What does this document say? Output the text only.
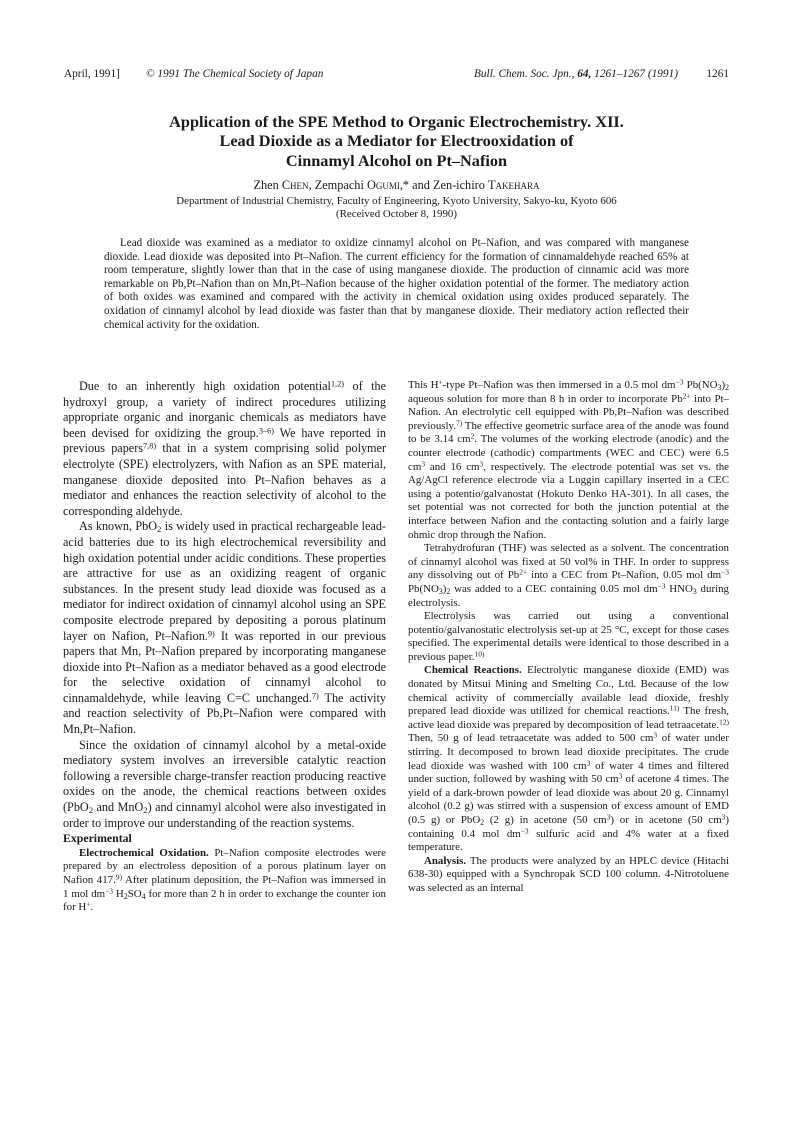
April, 1991] © 1991 The Chemical Society of Japan	Bull. Chem. Soc. Jpn., 64, 1261–1267 (1991)	1261
Application of the SPE Method to Organic Electrochemistry. XII.
Lead Dioxide as a Mediator for Electrooxidation of
Cinnamyl Alcohol on Pt–Nafion
Zhen Chen, Zempachi Ogumi,* and Zen-ichiro Takehara
Department of Industrial Chemistry, Faculty of Engineering, Kyoto University, Sakyo-ku, Kyoto 606
(Received October 8, 1990)
Lead dioxide was examined as a mediator to oxidize cinnamyl alcohol on Pt–Nafion, and was compared with manganese dioxide. Lead dioxide was deposited into Pt–Nafion. The current efficiency for the formation of cinnamaldehyde reached 65% at room temperature, slightly lower than that in the case of using manganese dioxide. The production of cinnamic acid was more remarkable on Pb,Pt–Nafion than on Mn,Pt–Nafion because of the higher oxidation potential of the former. The mediatory action of both oxides was examined and compared with the activity in chemical oxidation using oxides produced separately. The oxidation of cinnamyl alcohol by lead dioxide was faster than that by manganese dioxide. Their mediatory action reflected their chemical activity for the oxidation.

Due to an inherently high oxidation potential$^{1,2)}$ of the hydroxyl group, a variety of indirect procedures utilizing appropriate organic and inorganic chemicals as mediators have been devised for oxidizing the group.$^{3-6)}$ We have reported in previous papers$^{7,8)}$ that in a system comprising solid polymer electrolyte (SPE) electrolyzers, with Nafion as an SPE material, manganese dioxide deposited into Pt–Nafion behaves as a mediator and enhances the reaction selectivity of alcohol to the corresponding aldehyde.

As known, PbO$_2$ is widely used in practical rechargeable lead-acid batteries due to its high electrochemical reversibility and high oxidation potential under acidic conditions. These properties are attractive for use as an oxidizing reagent of organic substances. In the present study lead dioxide was focused as a mediator for indirect oxidation of cinnamyl alcohol using an SPE composite electrode prepared by depositing a porous platinum layer on Nafion, Pt–Nafion.$^{9)}$ It was reported in our previous papers that Mn, Pt–Nafion prepared by incorporating manganese dioxide into Pt–Nafion as a mediator behaved as a good electrode for the selective oxidation of cinnamyl alcohol to cinnamaldehyde, while leaving C=C unchanged.$^{7)}$ The activity and reaction selectivity of Pb,Pt–Nafion were compared with Mn,Pt–Nafion.

Since the oxidation of cinnamyl alcohol by a metal-oxide mediatory system involves an irreversible catalytic reaction following a reversible charge-transfer reaction producing reactive oxides on the anode, the chemical reactions between oxides (PbO$_2$ and MnO$_2$) and cinnamyl alcohol were also investigated in order to improve our understanding of the reaction systems.

Experimental

Electrochemical Oxidation. Pt–Nafion composite electrodes were prepared by an electroless deposition of a porous platinum layer on Nafion 417.$^{9)}$ After platinum deposition, the Pt–Nafion was immersed in 1 mol $dm^{-3}$ $H_2SO_4$ for more than 2 h in order to exchange the counter ion for H+.

This H+-type Pt–Nafion was then immersed in a 0.5 mol $dm^{-3}$ $Pb(NO_3)_2$ aqueous solution for more than 8 h in order to incorporate $Pb^{2+}$ into Pt–Nafion. An electrolytic cell equipped with Pb,Pt–Nafion was described previously.$^{7)}$ The effective geometric surface area of the anode was found to be 3.14 $cm^2$. The volumes of the working electrode (anodic) and the counter electrode (cathodic) compartments (WEC and CEC) were 6.5 $cm^3$ and 16 $cm^3$, respectively. The electrode potential was set vs. the Ag/AgCl reference electrode via a Luggin capillary inserted in a CEC using a potentio/galvanostat (Hokuto Denko HA-301). In all cases, the set potential was not corrected for both the junction potential at the interface between Nafion and the contacting solution and a fairly large ohmic drop through the Nafion.

Tetrahydrofuran (THF) was selected as a solvent. The concentration of cinnamyl alcohol was fixed at 50 vol% in THF. In order to suppress any dissolving out of $Pb^{2+}$ into a CEC from Pt–Nafion, 0.05 mol $dm^{-3}$ $Pb(NO_3)_2$ was added to a CEC containing 0.05 mol $dm^{-3}$ $HNO_3$ during electrolysis.

Electrolysis was carried out using a conventional potentio/galvanostatic electrolysis set-up at 25 °C, except for those cases specified. The experimental details were identical to those described in a previous paper.$^{10)}$

Chemical Reactions. Electrolytic manganese dioxide (EMD) was donated by Mitsui Mining and Smelting Co., Ltd. Because of the low chemical activity of commercially available lead dioxide, freshly prepared lead dioxide was utilized for chemical reactions.$^{11)}$ The fresh, active lead dioxide was prepared by decomposition of lead tetraacetate.$^{12)}$ Then, 50 g of lead tetraacetate was added to 500 $cm^3$ of water under stirring. It decomposed to brown lead dioxide precipitates. The crude lead dioxide was washed with 100 $cm^3$ of water 4 times and filtered under suction, followed by washing with 50 $cm^3$ of acetone 4 times. The yield of a dark-brown powder of lead dioxide was about 20 g. Cinnamyl alcohol (0.2 g) was stirred with a suspension of excess amount of EMD (0.5 g) or PbO$_2$ (2 g) in acetone (50 $cm^3$) or in acetone (50 $cm^3$) containing 0.4 mol $dm^{-3}$ sulfuric acid and 4% water at a fixed temperature.

Analysis. The products were analyzed by an HPLC device (Hitachi 638-30) equipped with a Synchropak SCD 100 column. 4-Nitrotoluene was selected as an internal
